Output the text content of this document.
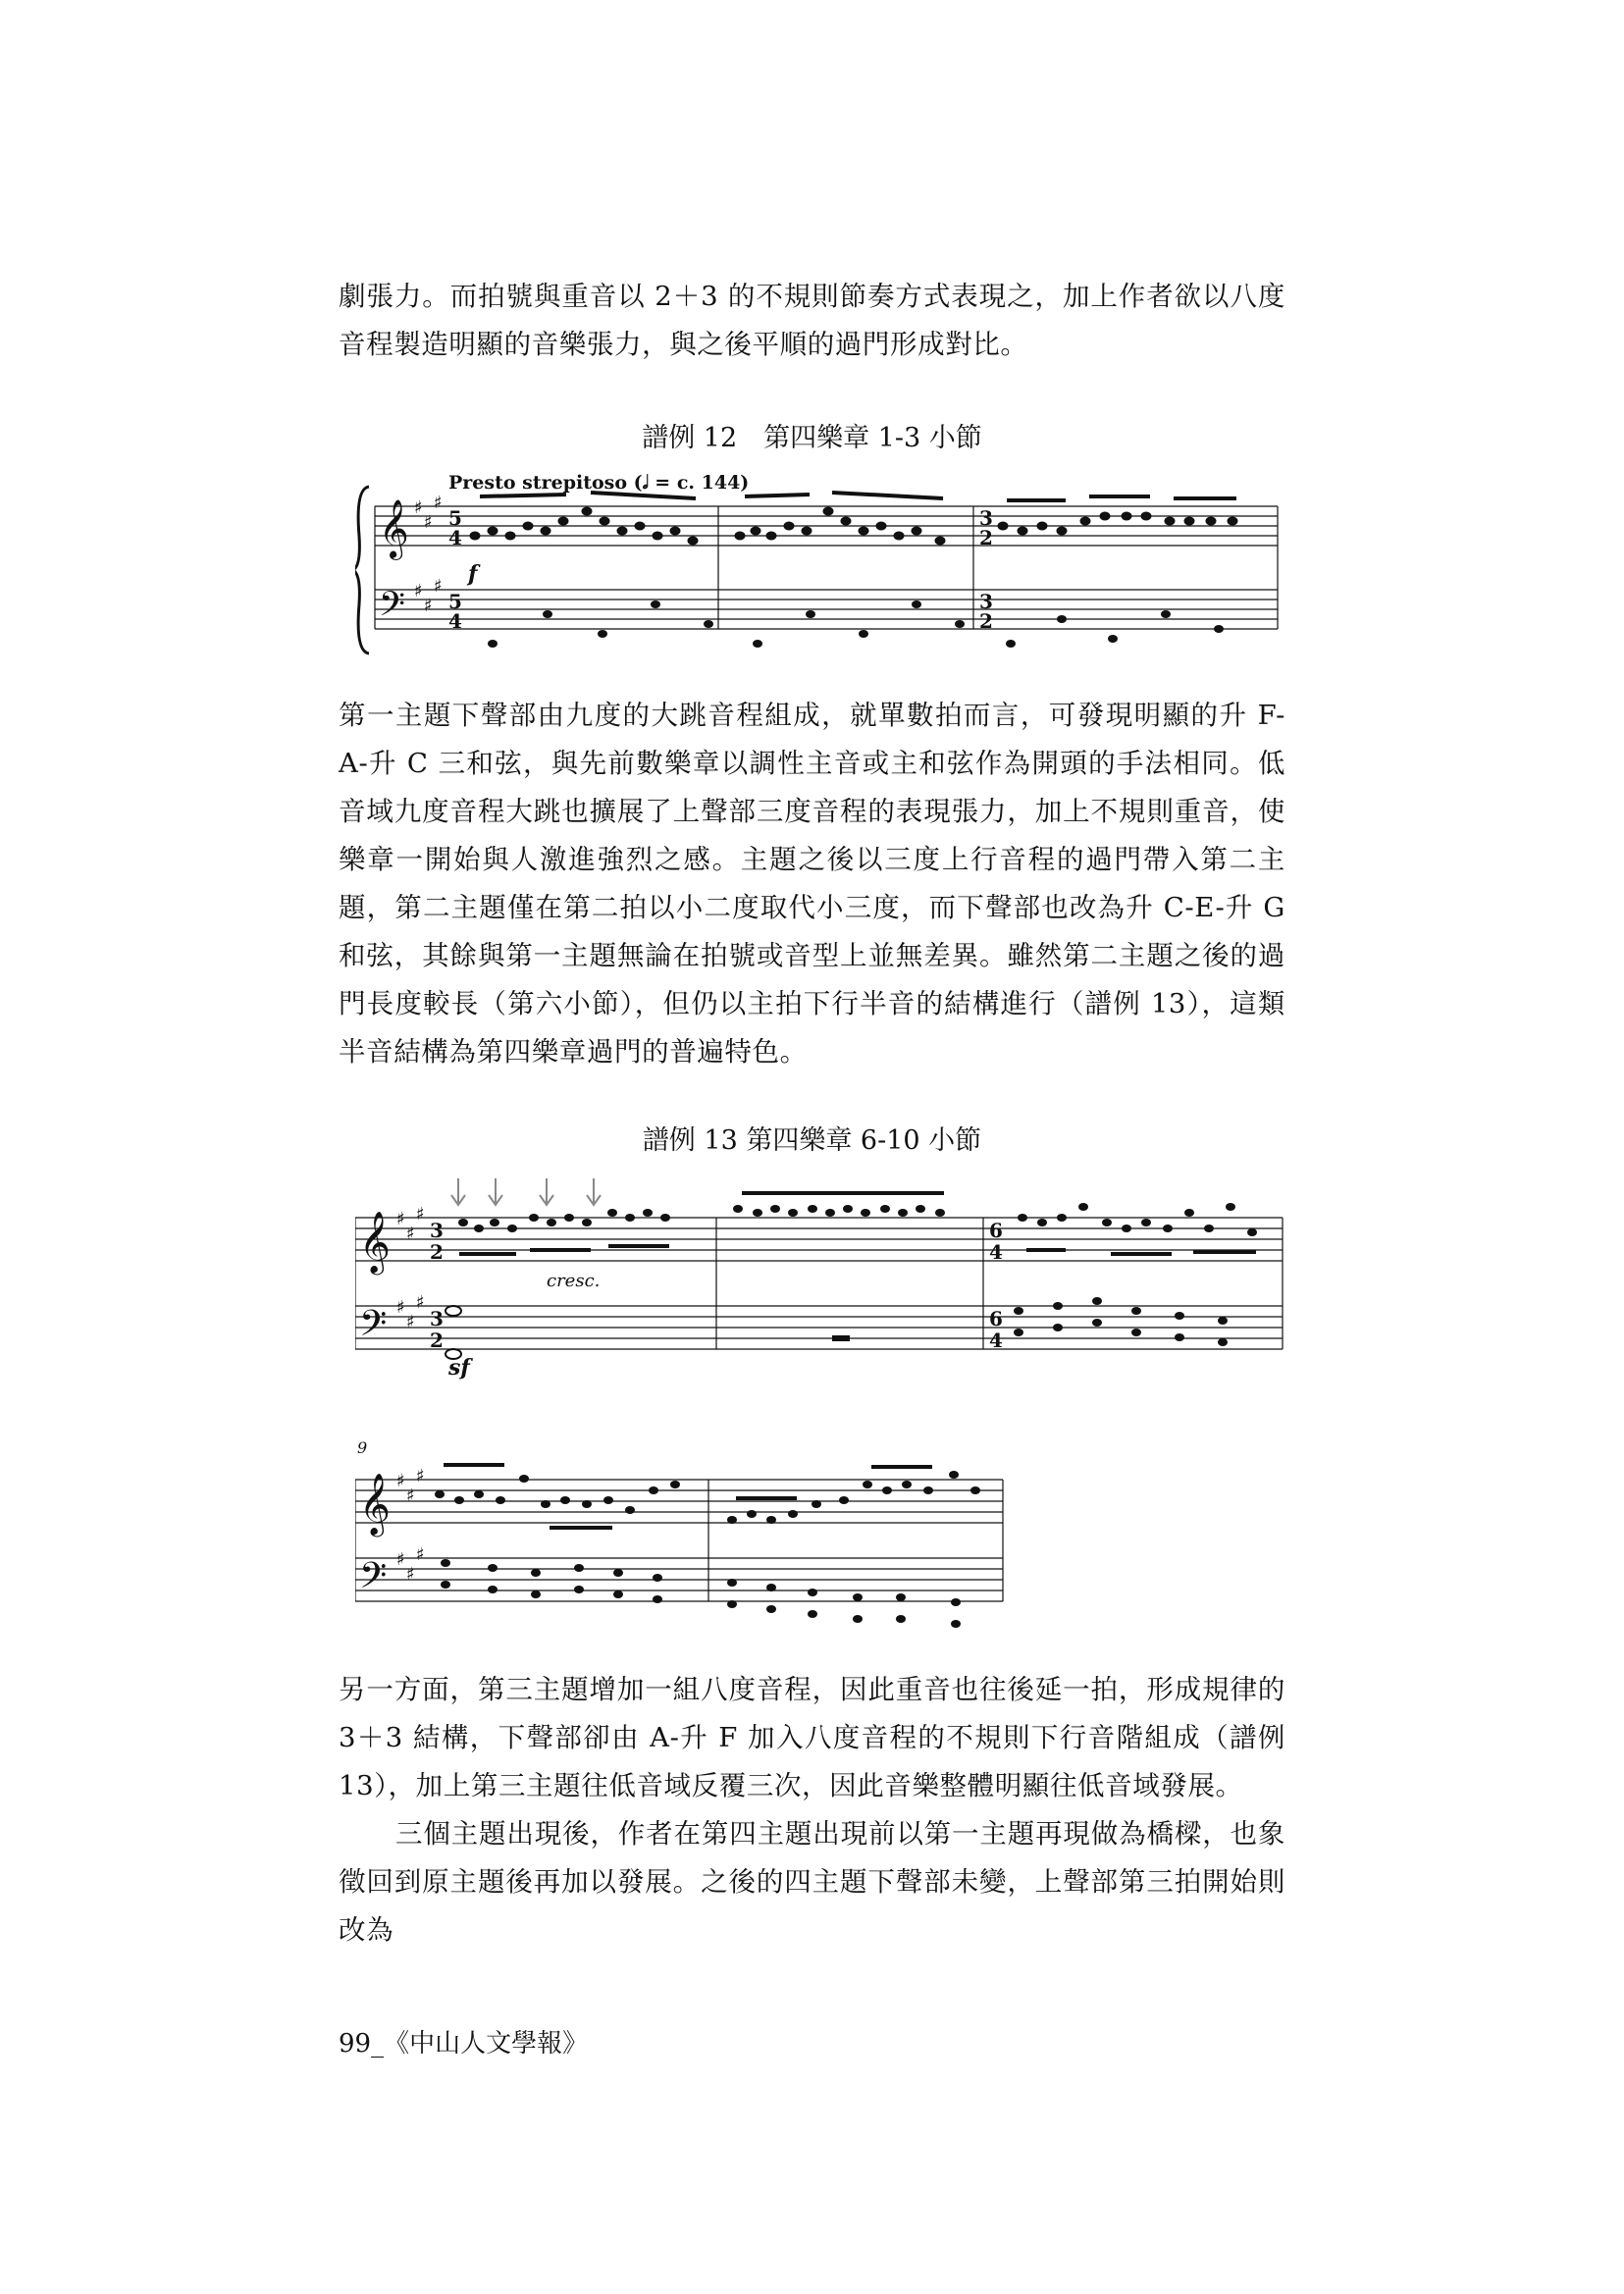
劇張力。而拍號與重音以 2＋3 的不規則節奏方式表現之，加上作者欲以八度音程製造明顯的音樂張力，與之後平順的過門形成對比。

譜例 12　第四樂章 1-3 小節

Presto strepitoso (𝅗𝅥 = c. 144)
𝄞
𝄢
♯
♯
♯
♯
♯
♯
5
4
5
4
3
2
3
2
f

第一主題下聲部由九度的大跳音程組成，就單數拍而言，可發現明顯的升 F-A-升 C 三和弦，與先前數樂章以調性主音或主和弦作為開頭的手法相同。低音域九度音程大跳也擴展了上聲部三度音程的表現張力，加上不規則重音，使樂章一開始與人激進強烈之感。主題之後以三度上行音程的過門帶入第二主題，第二主題僅在第二拍以小二度取代小三度，而下聲部也改為升 C-E-升 G 和弦，其餘與第一主題無論在拍號或音型上並無差異。雖然第二主題之後的過門長度較長（第六小節），但仍以主拍下行半音的結構進行（譜例 13），這類半音結構為第四樂章過門的普遍特色。

譜例 13 第四樂章 6-10 小節

𝄞
𝄢
♯
♯
♯
♯
♯
♯
3
2
3
2
6
4
6
4
cresc.
sf
9
𝄞
𝄢
♯
♯
♯
♯
♯
♯

另一方面，第三主題增加一組八度音程，因此重音也往後延一拍，形成規律的 3＋3 結構，下聲部卻由 A-升 F 加入八度音程的不規則下行音階組成（譜例 13），加上第三主題往低音域反覆三次，因此音樂整體明顯往低音域發展。

三個主題出現後，作者在第四主題出現前以第一主題再現做為橋樑，也象徵回到原主題後再加以發展。之後的四主題下聲部未變，上聲部第三拍開始則改為

99_《中山人文學報》
